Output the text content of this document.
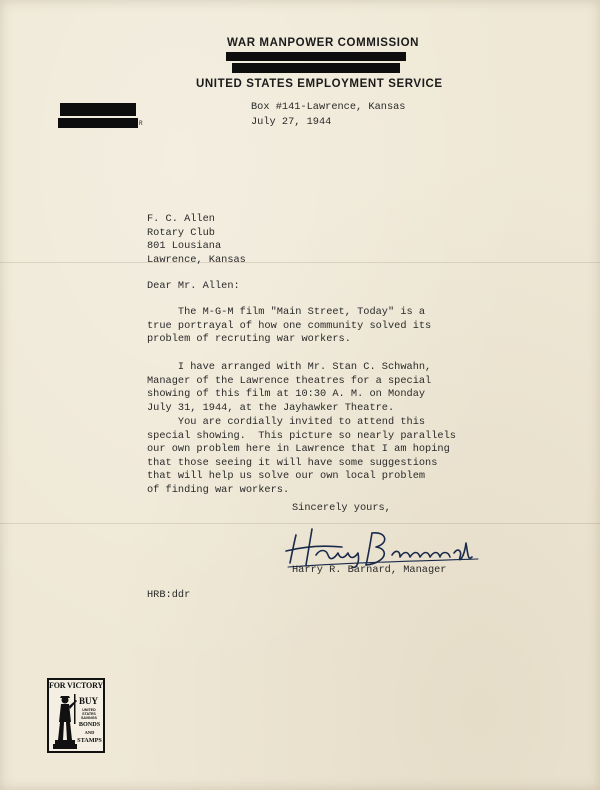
WAR MANPOWER COMMISSION
UNITED STATES EMPLOYMENT SERVICE
R
Box #141-Lawrence, Kansas
July 27, 1944
F. C. Allen
Rotary Club
801 Lousiana
Lawrence, Kansas
Dear Mr. Allen:
The M-G-M film "Main Street, Today" is a
true portrayal of how one community solved its
problem of recruting war workers.
I have arranged with Mr. Stan C. Schwahn,
Manager of the Lawrence theatres for a special
showing of this film at 10:30 A. M. on Monday
July 31, 1944, at the Jayhawker Theatre.
You are cordially invited to attend this
special showing.  This picture so nearly parallels
our own problem here in Lawrence that I am hoping
that those seeing it will have some suggestions
that will help us solve our own local problem
of finding war workers.
Sincerely yours,
Harry R. Barnard, Manager
HRB:ddr
FOR VICTORY
BUY
UNITED
STATES
SAVINGS
BONDS
AND
STAMPS
